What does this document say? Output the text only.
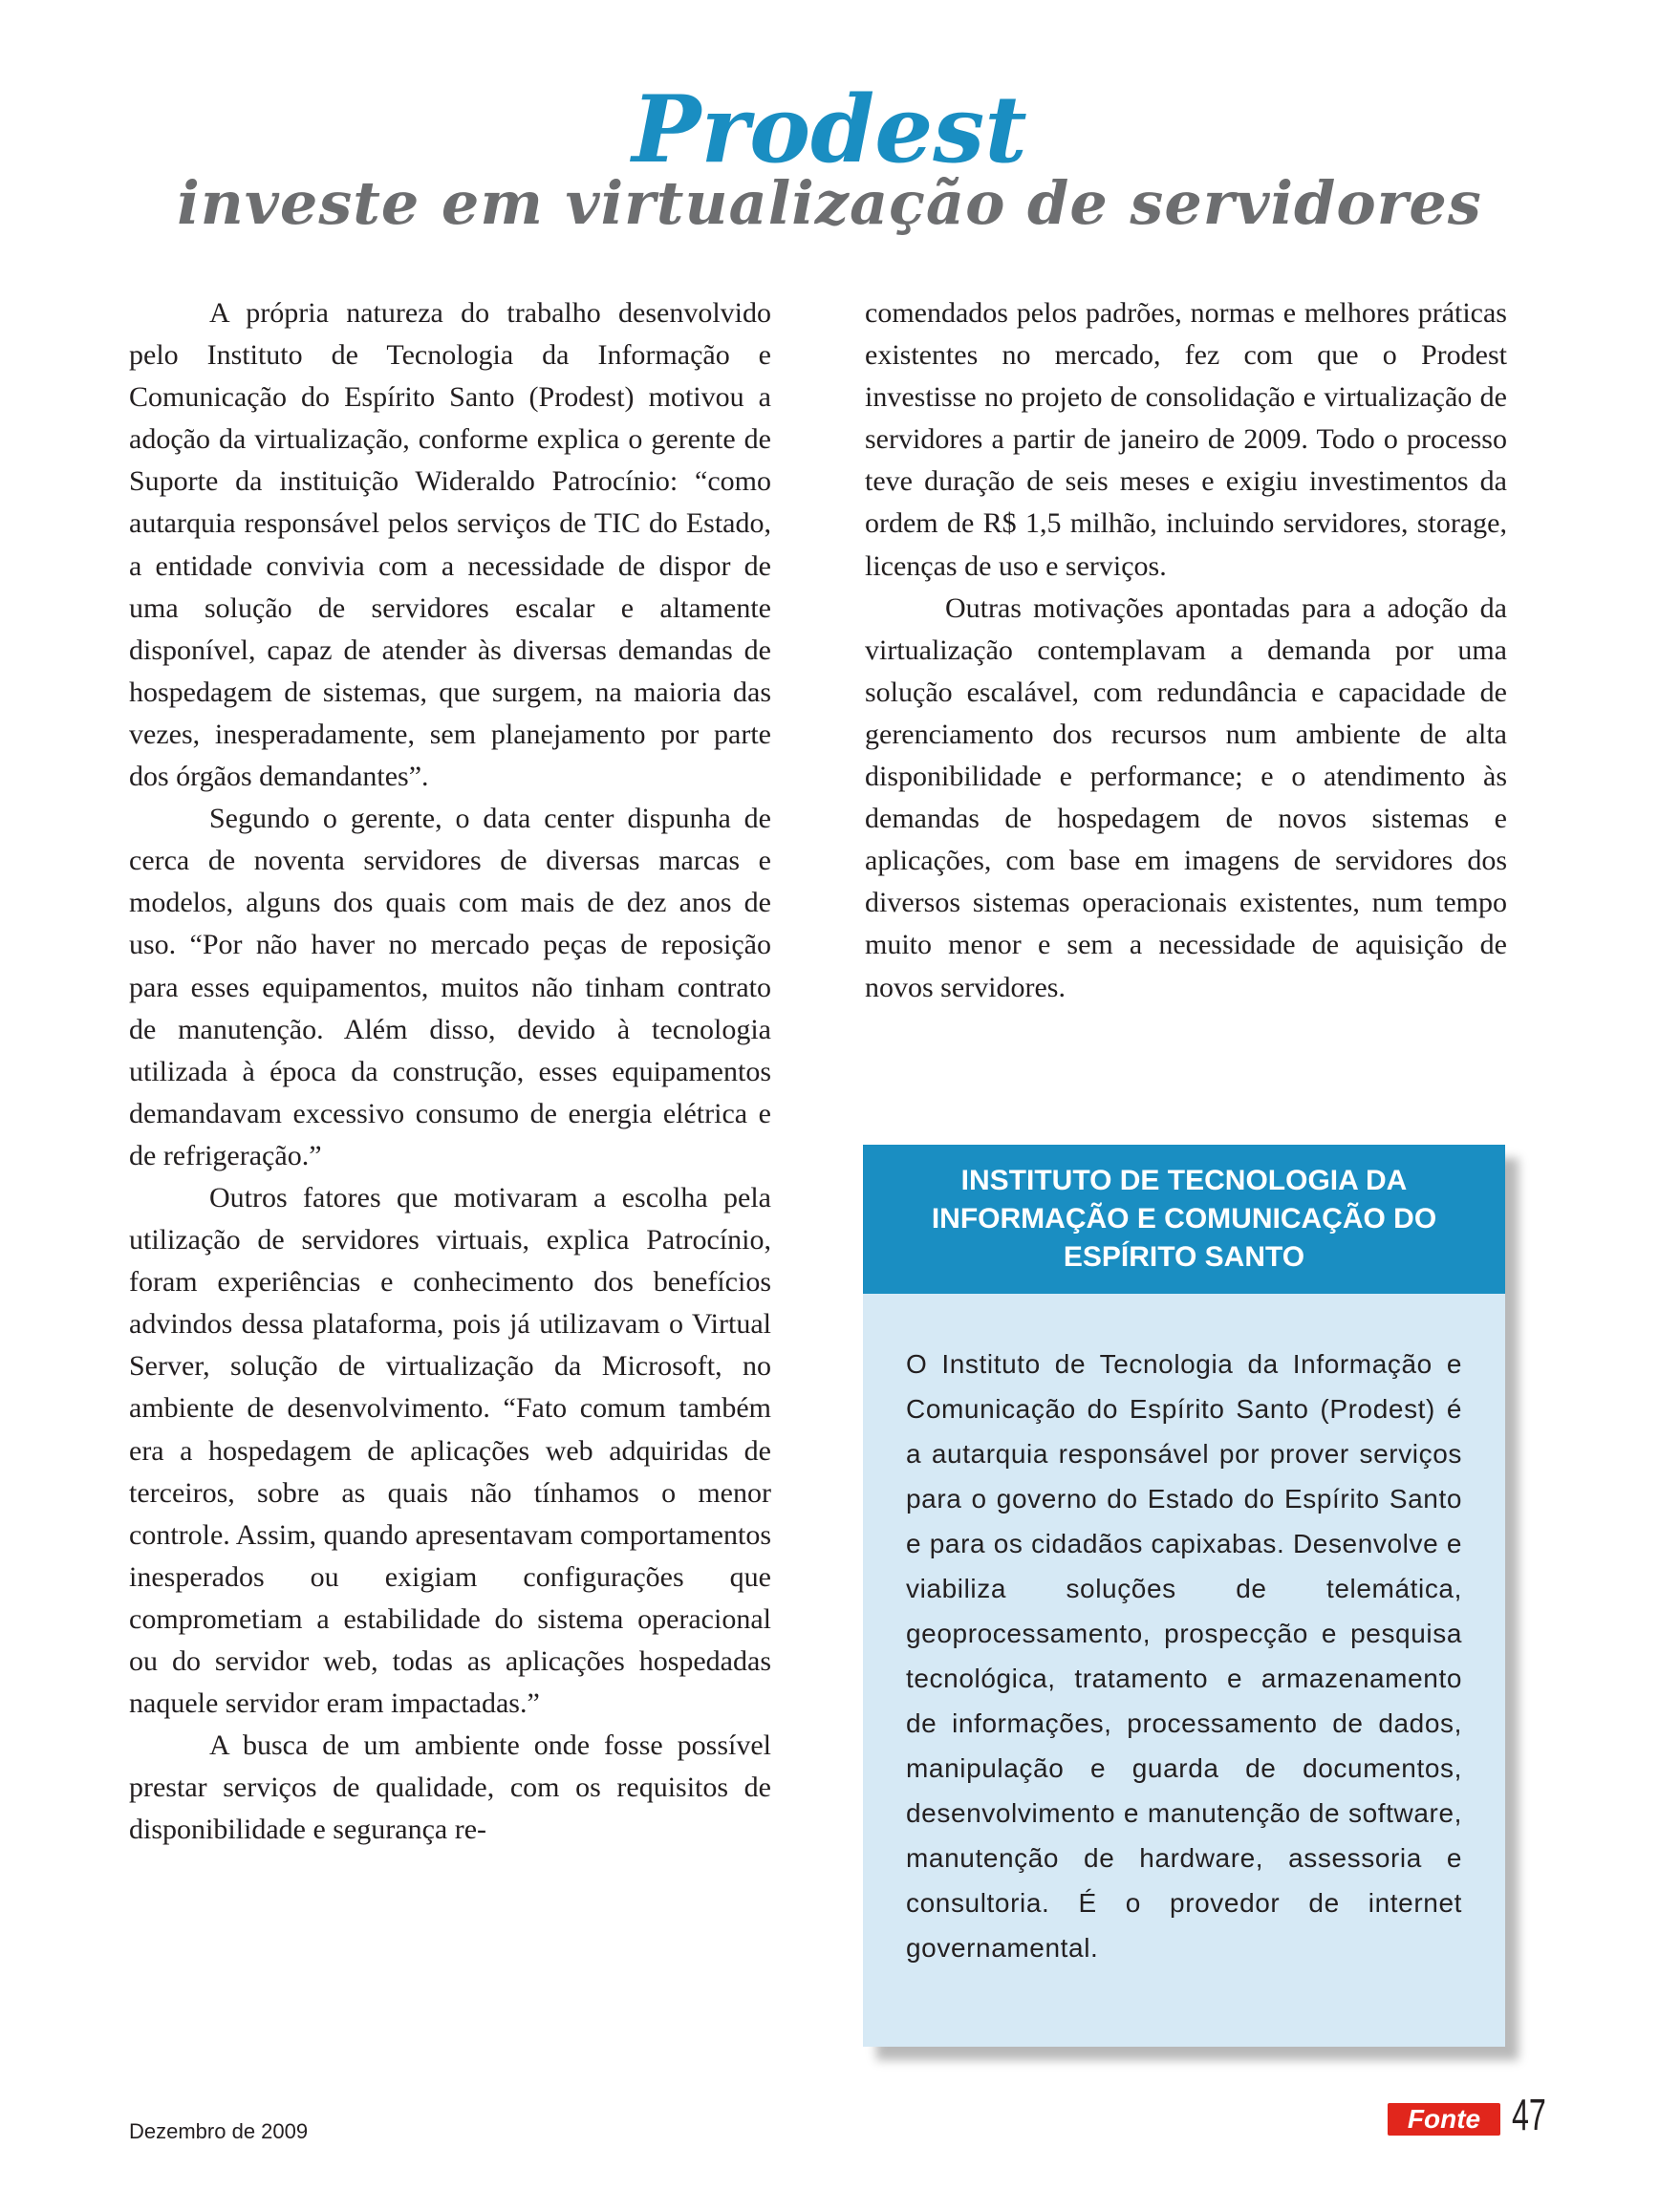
Prodest
investe em virtualização de servidores

A própria natureza do trabalho desenvolvido pelo Instituto de Tecnologia da Informação e Comunicação do Espírito Santo (Prodest) motivou a adoção da virtualização, conforme explica o gerente de Suporte da instituição Wideraldo Patrocínio: “como autarquia responsável pelos serviços de TIC do Estado, a entidade convivia com a necessidade de dispor de uma solução de servidores escalar e altamente disponível, capaz de atender às diversas demandas de hospedagem de sistemas, que surgem, na maioria das vezes, inesperadamente, sem planejamento por parte dos órgãos demandantes”.

Segundo o gerente, o data center dispunha de cerca de noventa servidores de diversas marcas e modelos, alguns dos quais com mais de dez anos de uso. “Por não haver no mercado peças de reposição para esses equipamentos, muitos não tinham contrato de manutenção. Além disso, devido à tecnologia utilizada à época da construção, esses equipamentos demandavam excessivo consumo de energia elétrica e de refrigeração.”

Outros fatores que motivaram a escolha pela utilização de servidores virtuais, explica Patrocínio, foram experiências e conhecimento dos benefícios advindos dessa plataforma, pois já utilizavam o Virtual Server, solução de virtualização da Microsoft, no ambiente de desenvolvimento. “Fato comum também era a hospedagem de aplicações web adquiridas de terceiros, sobre as quais não tínhamos o menor controle. Assim, quando apresentavam comportamentos inesperados ou exigiam configurações que comprometiam a estabilidade do sistema operacional ou do servidor web, todas as aplicações hospedadas naquele servidor eram impactadas.”

A busca de um ambiente onde fosse possível prestar serviços de qualidade, com os requisitos de disponibilidade e segurança re-

comendados pelos padrões, normas e melhores práticas existentes no mercado, fez com que o Prodest investisse no projeto de consolidação e virtualização de servidores a partir de janeiro de 2009. Todo o processo teve duração de seis meses e exigiu investimentos da ordem de R$ 1,5 milhão, incluindo servidores, storage, licenças de uso e serviços.

Outras motivações apontadas para a adoção da virtualização contemplavam a demanda por uma solução escalável, com redundância e capacidade de gerenciamento dos recursos num ambiente de alta disponibilidade e performance; e o atendimento às demandas de hospedagem de novos sistemas e aplicações, com base em imagens de servidores dos diversos sistemas operacionais existentes, num tempo muito menor e sem a necessidade de aquisição de novos servidores.

INSTITUTO DE TECNOLOGIA DA INFORMAÇÃO E COMUNICAÇÃO DO ESPÍRITO SANTO
O Instituto de Tecnologia da Informação e Comunicação do Espírito Santo (Prodest) é a autarquia responsável por prover serviços para o governo do Estado do Espírito Santo e para os cidadãos capixabas. Desenvolve e viabiliza soluções de telemática, geoprocessamento, prospecção e pesquisa tecnológica, tratamento e armazenamento de informações, processamento de dados, manipulação e guarda de documentos, desenvolvimento e manutenção de software, manutenção de hardware, assessoria e consultoria. É o provedor de internet governamental.
Dezembro de 2009	Fonte 47
